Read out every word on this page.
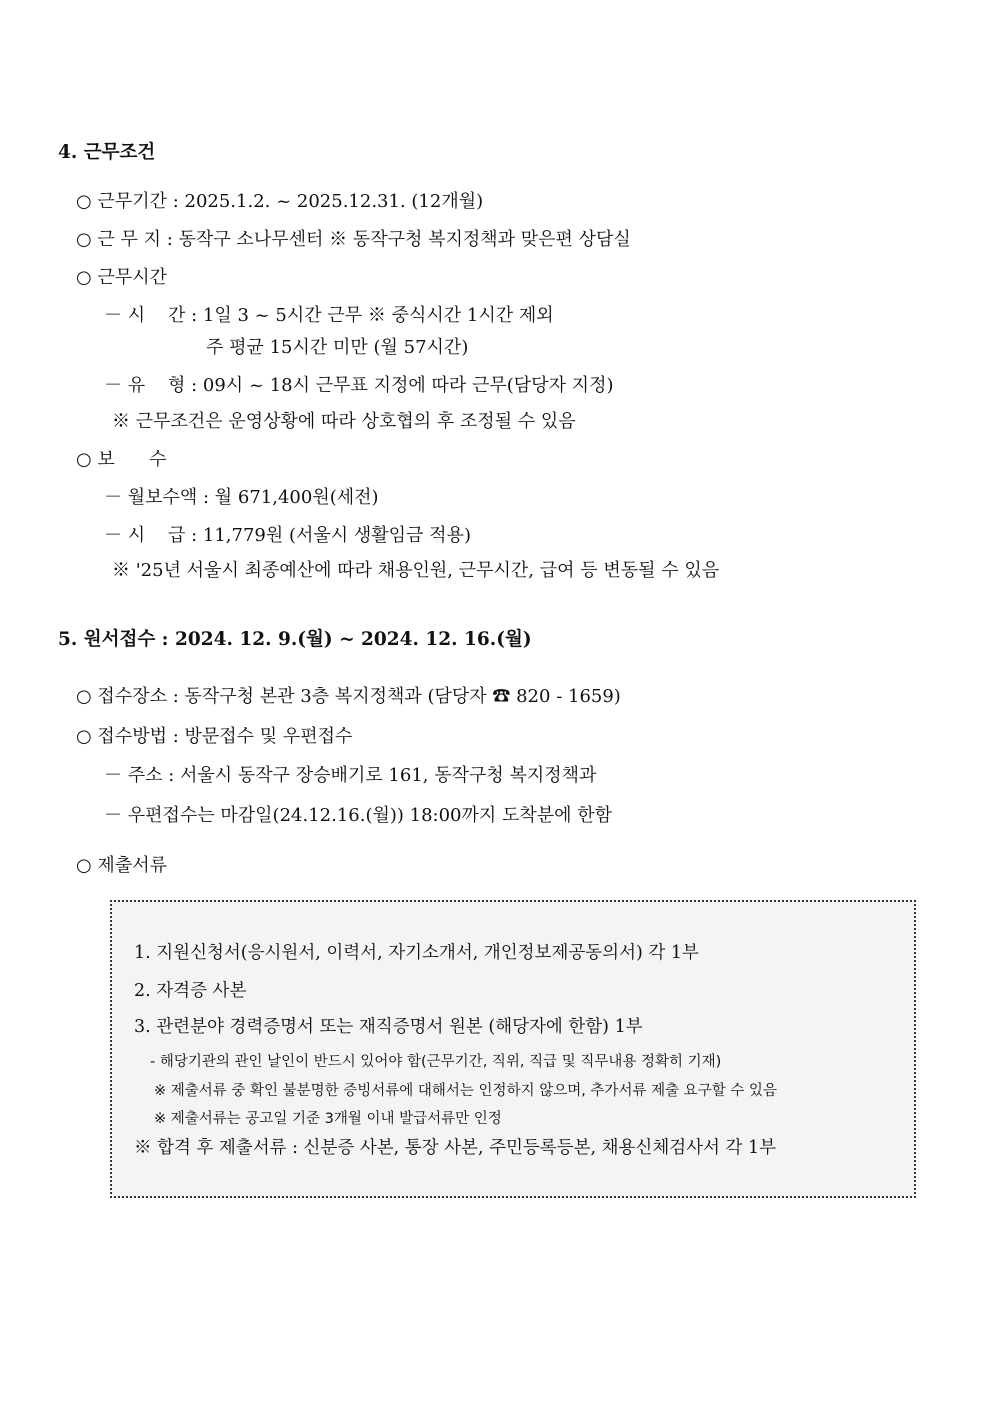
4. 근무조건
○ 근무기간 : 2025.1.2. ~ 2025.12.31. (12개월)
○ 근 무 지 : 동작구 소나무센터 ※ 동작구청 복지정책과 맞은편 상담실
○ 근무시간
－ 시    간 : 1일 3 ~ 5시간 근무 ※ 중식시간 1시간 제외
주 평균 15시간 미만 (월 57시간)
－ 유    형 : 09시 ~ 18시 근무표 지정에 따라 근무(담당자 지정)
※ 근무조건은 운영상황에 따라 상호협의 후 조정될 수 있음
○ 보      수
－ 월보수액 : 월 671,400원(세전)
－ 시    급 : 11,779원 (서울시 생활임금 적용)
※ '25년 서울시 최종예산에 따라 채용인원, 근무시간, 급여 등 변동될 수 있음
5. 원서접수 : 2024. 12. 9.(월) ~ 2024. 12. 16.(월)
○ 접수장소 : 동작구청 본관 3층 복지정책과 (담당자 ☎ 820 - 1659)
○ 접수방법 : 방문접수 및 우편접수
－ 주소 : 서울시 동작구 장승배기로 161, 동작구청 복지정책과
－ 우편접수는 마감일(24.12.16.(월)) 18:00까지 도착분에 한함
○ 제출서류
1. 지원신청서(응시원서, 이력서, 자기소개서, 개인정보제공동의서) 각 1부
2. 자격증 사본
3. 관련분야 경력증명서 또는 재직증명서 원본 (해당자에 한함) 1부
- 해당기관의 관인 날인이 반드시 있어야 함(근무기간, 직위, 직급 및 직무내용 정확히 기재)
※ 제출서류 중 확인 불분명한 증빙서류에 대해서는 인정하지 않으며, 추가서류 제출 요구할 수 있음
※ 제출서류는 공고일 기준 3개월 이내 발급서류만 인정
※ 합격 후 제출서류 : 신분증 사본, 통장 사본, 주민등록등본, 채용신체검사서 각 1부
